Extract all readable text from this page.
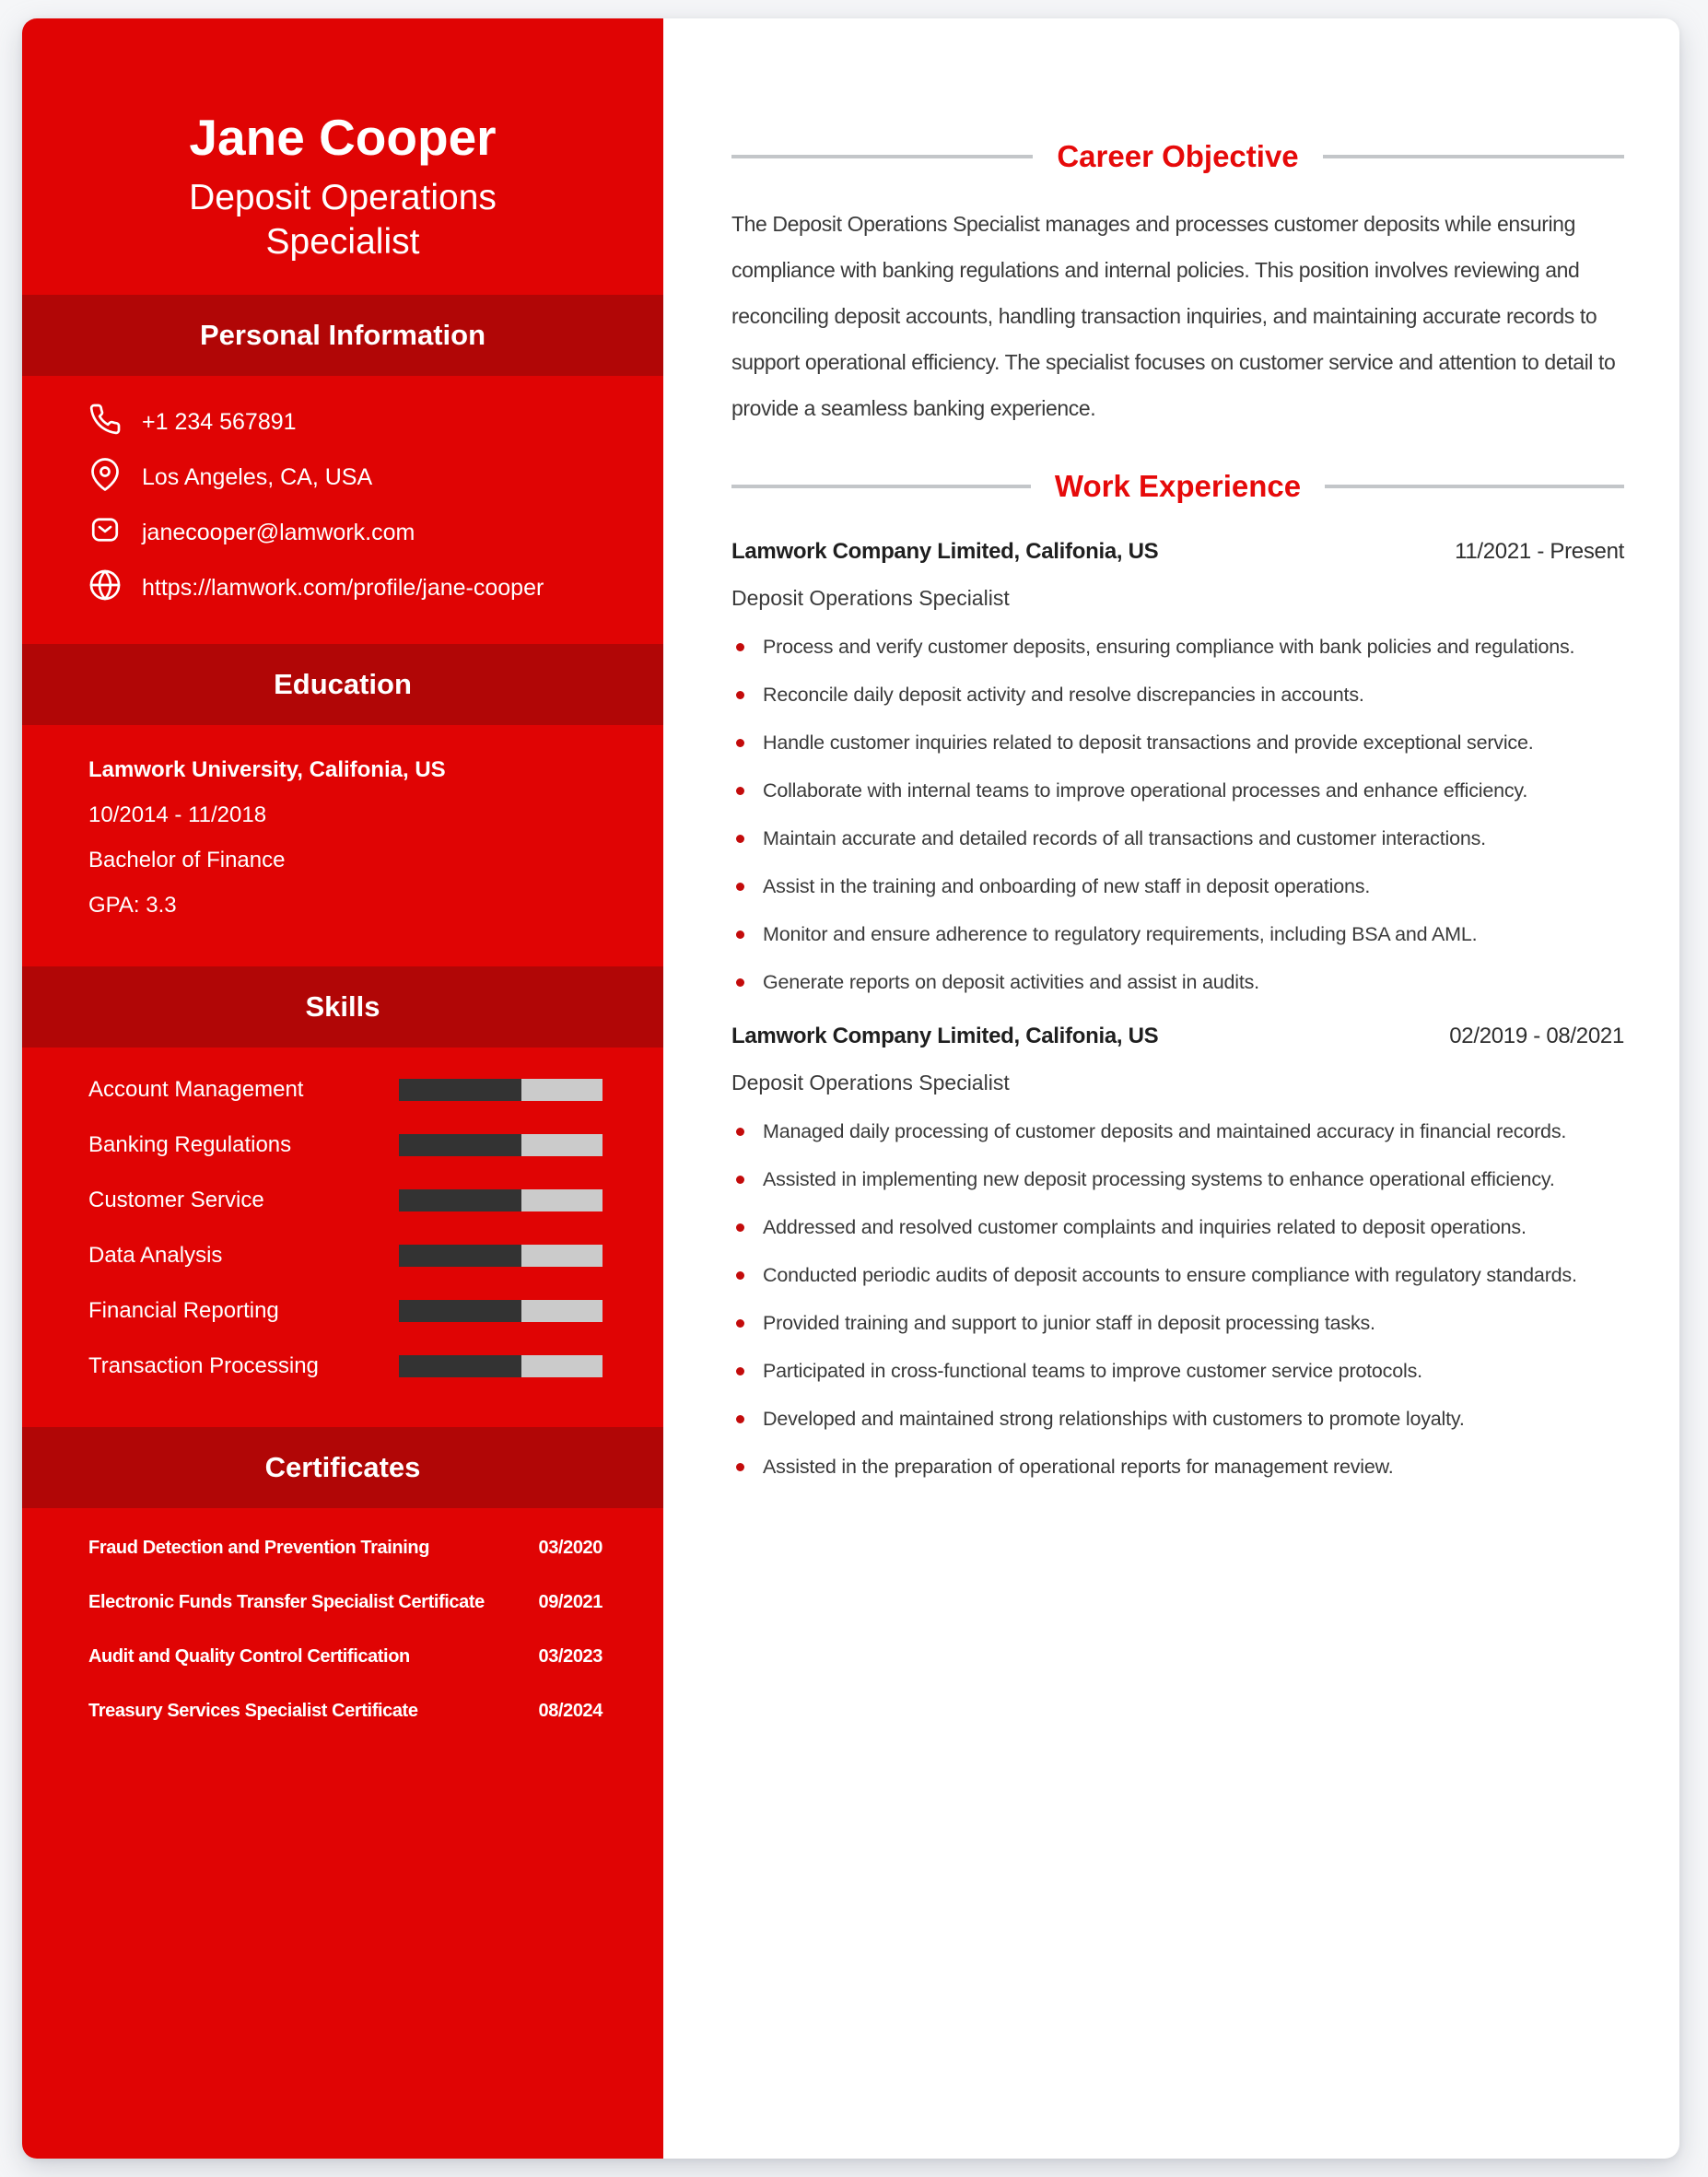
Jane Cooper
Deposit Operations Specialist
Personal Information
+1 234 567891
Los Angeles, CA, USA
janecooper@lamwork.com
https://lamwork.com/profile/jane-cooper
Education
Lamwork University, Califonia, US
10/2014 - 11/2018
Bachelor of Finance
GPA: 3.3
Skills
Account Management
Banking Regulations
Customer Service
Data Analysis
Financial Reporting
Transaction Processing
Certificates
Fraud Detection and Prevention Training	03/2020
Electronic Funds Transfer Specialist Certificate	09/2021
Audit and Quality Control Certification	03/2023
Treasury Services Specialist Certificate	08/2024
Career Objective

The Deposit Operations Specialist manages and processes customer deposits while ensuring compliance with banking regulations and internal policies. This position involves reviewing and reconciling deposit accounts, handling transaction inquiries, and maintaining accurate records to support operational efficiency. The specialist focuses on customer service and attention to detail to provide a seamless banking experience.

Work Experience
Lamwork Company Limited, Califonia, US	11/2021 - Present
Deposit Operations Specialist
Process and verify customer deposits, ensuring compliance with bank policies and regulations.
Reconcile daily deposit activity and resolve discrepancies in accounts.
Handle customer inquiries related to deposit transactions and provide exceptional service.
Collaborate with internal teams to improve operational processes and enhance efficiency.
Maintain accurate and detailed records of all transactions and customer interactions.
Assist in the training and onboarding of new staff in deposit operations.
Monitor and ensure adherence to regulatory requirements, including BSA and AML.
Generate reports on deposit activities and assist in audits.
Lamwork Company Limited, Califonia, US	02/2019 - 08/2021
Deposit Operations Specialist
Managed daily processing of customer deposits and maintained accuracy in financial records.
Assisted in implementing new deposit processing systems to enhance operational efficiency.
Addressed and resolved customer complaints and inquiries related to deposit operations.
Conducted periodic audits of deposit accounts to ensure compliance with regulatory standards.
Provided training and support to junior staff in deposit processing tasks.
Participated in cross-functional teams to improve customer service protocols.
Developed and maintained strong relationships with customers to promote loyalty.
Assisted in the preparation of operational reports for management review.
